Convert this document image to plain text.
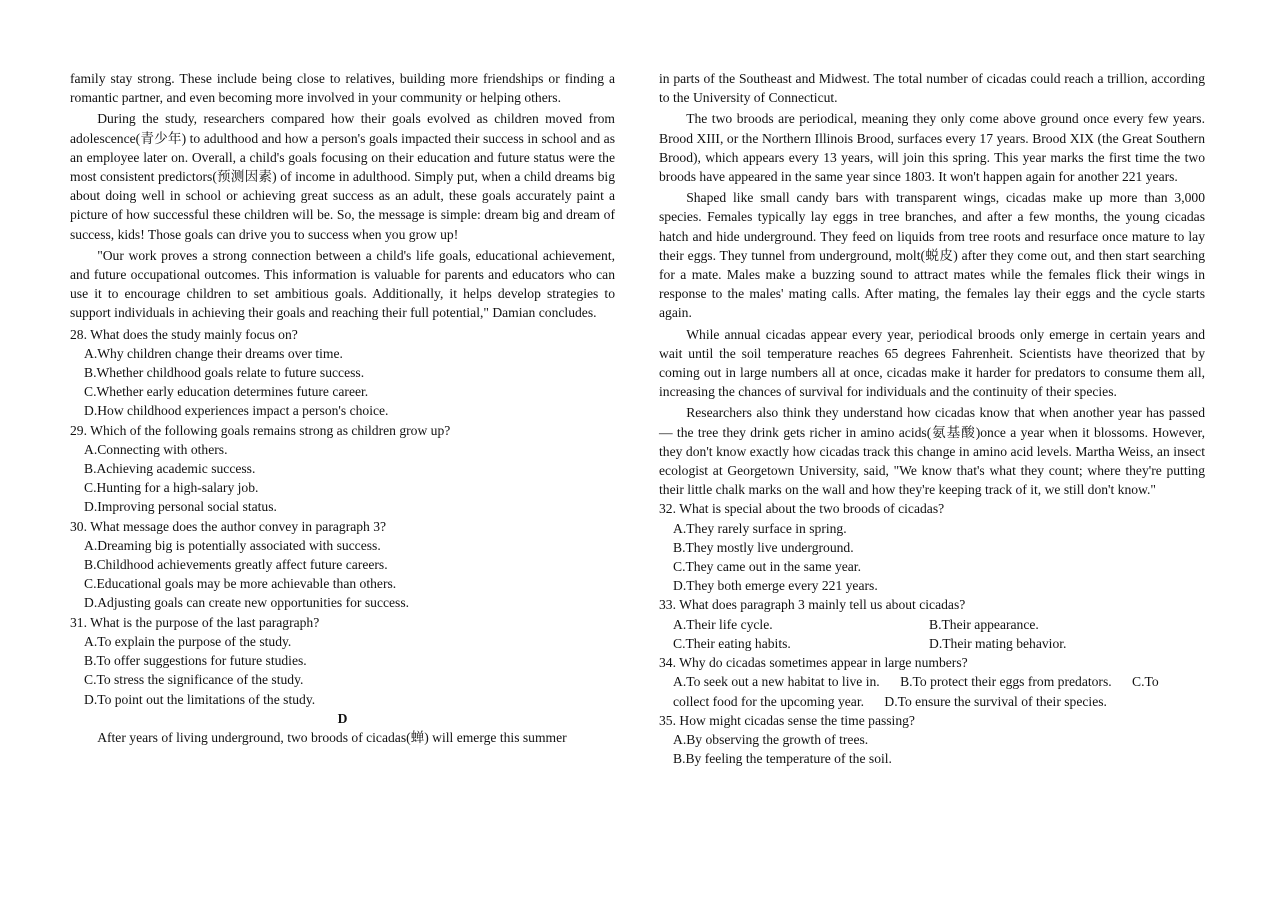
family stay strong. These include being close to relatives, building more friendships or finding a romantic partner, and even becoming more involved in your community or helping others.

During the study, researchers compared how their goals evolved as children moved from adolescence(青少年) to adulthood and how a person's goals impacted their success in school and as an employee later on. Overall, a child's goals focusing on their education and future status were the most consistent predictors(预测因素) of income in adulthood. Simply put, when a child dreams big about doing well in school or achieving great success as an adult, these goals accurately paint a picture of how successful these children will be. So, the message is simple: dream big and dream of success, kids! Those goals can drive you to success when you grow up!

"Our work proves a strong connection between a child's life goals, educational achievement, and future occupational outcomes. This information is valuable for parents and educators who can use it to encourage children to set ambitious goals. Additionally, it helps develop strategies to support individuals in achieving their goals and reaching their full potential," Damian concludes.

28. What does the study mainly focus on?

A.Why children change their dreams over time.

B.Whether childhood goals relate to future success.

C.Whether early education determines future career.

D.How childhood experiences impact a person's choice.

29. Which of the following goals remains strong as children grow up?

A.Connecting with others.

B.Achieving academic success.

C.Hunting for a high-salary job.

D.Improving personal social status.

30. What message does the author convey in paragraph 3?

A.Dreaming big is potentially associated with success.

B.Childhood achievements greatly affect future careers.

C.Educational goals may be more achievable than others.

D.Adjusting goals can create new opportunities for success.

31. What is the purpose of the last paragraph?

A.To explain the purpose of the study.

B.To offer suggestions for future studies.

C.To stress the significance of the study.

D.To point out the limitations of the study.

D

After years of living underground, two broods of cicadas(蝉) will emerge this summer

in parts of the Southeast and Midwest. The total number of cicadas could reach a trillion, according to the University of Connecticut.

The two broods are periodical, meaning they only come above ground once every few years. Brood XIII, or the Northern Illinois Brood, surfaces every 17 years. Brood XIX (the Great Southern Brood), which appears every 13 years, will join this spring. This year marks the first time the two broods have appeared in the same year since 1803. It won't happen again for another 221 years.

Shaped like small candy bars with transparent wings, cicadas make up more than 3,000 species. Females typically lay eggs in tree branches, and after a few months, the young cicadas hatch and hide underground. They feed on liquids from tree roots and resurface once mature to lay their eggs. They tunnel from underground, molt(蜕皮) after they come out, and then start searching for a mate. Males make a buzzing sound to attract mates while the females flick their wings in response to the males' mating calls. After mating, the females lay their eggs and the cycle starts again.

While annual cicadas appear every year, periodical broods only emerge in certain years and wait until the soil temperature reaches 65 degrees Fahrenheit. Scientists have theorized that by coming out in large numbers all at once, cicadas make it harder for predators to consume them all, increasing the chances of survival for individuals and the continuity of their species.

Researchers also think they understand how cicadas know that when another year has passed — the tree they drink gets richer in amino acids(氨基酸)once a year when it blossoms. However, they don't know exactly how cicadas track this change in amino acid levels. Martha Weiss, an insect ecologist at Georgetown University, said, "We know that's what they count; where they're putting their little chalk marks on the wall and how they're keeping track of it, we still don't know."

32. What is special about the two broods of cicadas?

A.They rarely surface in spring.

B.They mostly live underground.

C.They came out in the same year.

D.They both emerge every 221 years.

33. What does paragraph 3 mainly tell us about cicadas?

A.Their life cycle.	B.Their appearance.
C.Their eating habits.	D.Their mating behavior.

34. Why do cicadas sometimes appear in large numbers?

A.To seek out a new habitat to live in.      B.To protect their eggs from predators.      C.To

collect food for the upcoming year.      D.To ensure the survival of their species.

35. How might cicadas sense the time passing?

A.By observing the growth of trees.

B.By feeling the temperature of the soil.
